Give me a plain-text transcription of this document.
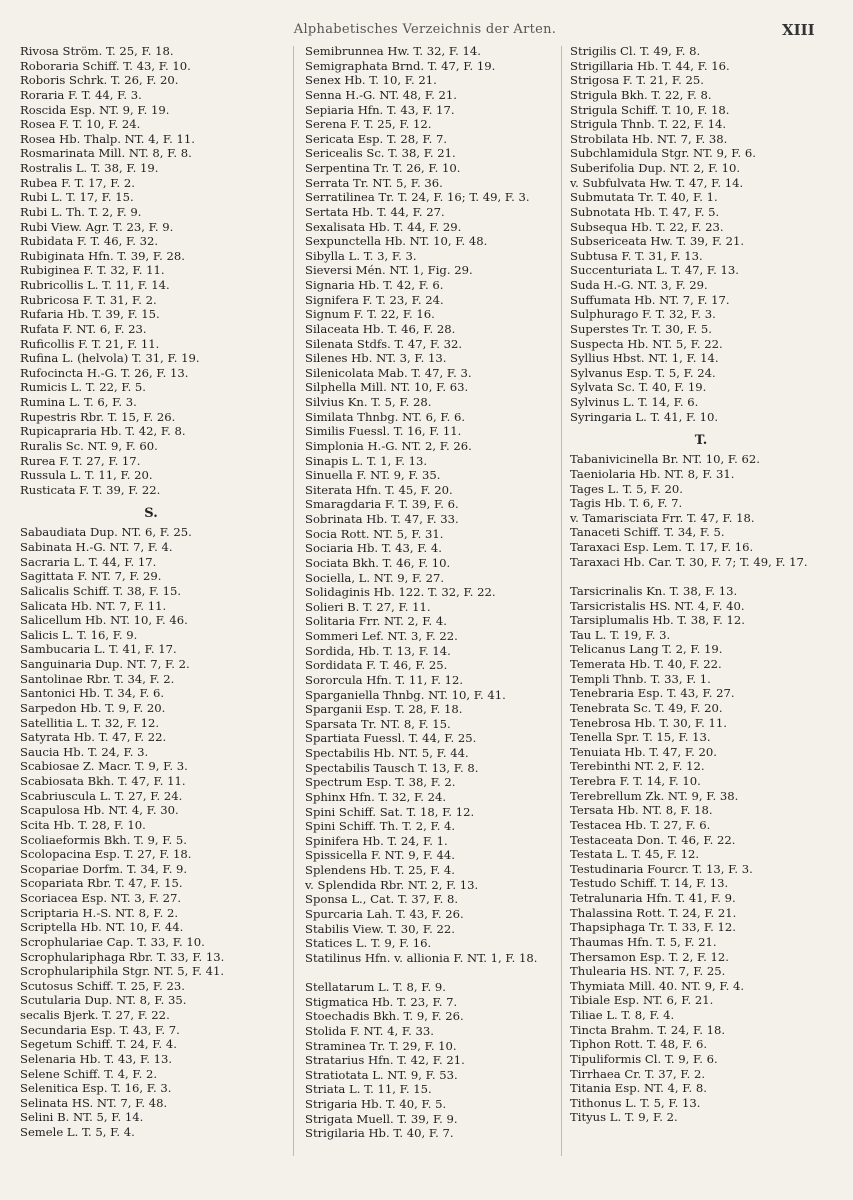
Alphabetisches Verzeichnis der Arten.	XIII
Rivosa Ström. T. 25, F. 18.
Roboraria Schiff. T. 43, F. 10.
Roboris Schrk. T. 26, F. 20.
Roraria F. T. 44, F. 3.
Roscida Esp. NT. 9, F. 19.
Rosea F. T. 10, F. 24.
Rosea Hb. Thalp. NT. 4, F. 11.
Rosmarinata Mill. NT. 8, F. 8.
Rostralis L. T. 38, F. 19.
Rubea F. T. 17, F. 2.
Rubi L. T. 17, F. 15.
Rubi L. Th. T. 2, F. 9.
Rubi View. Agr. T. 23, F. 9.
Rubidata F. T. 46, F. 32.
Rubiginata Hfn. T. 39, F. 28.
Rubiginea F. T. 32, F. 11.
Rubricollis L. T. 11, F. 14.
Rubricosa F. T. 31, F. 2.
Rufaria Hb. T. 39, F. 15.
Rufata F. NT. 6, F. 23.
Ruficollis F. T. 21, F. 11.
Rufina L. (helvola) T. 31, F. 19.
Rufocincta H.-G. T. 26, F. 13.
Rumicis L. T. 22, F. 5.
Rumina L. T. 6, F. 3.
Rupestris Rbr. T. 15, F. 26.
Rupicapraria Hb. T. 42, F. 8.
Ruralis Sc. NT. 9, F. 60.
Rurea F. T. 27, F. 17.
Russula L. T. 11, F. 20.
Rusticata F. T. 39, F. 22.
S.
Sabaudiata Dup. NT. 6, F. 25.
Sabinata H.-G. NT. 7, F. 4.
Sacraria L. T. 44, F. 17.
Sagittata F. NT. 7, F. 29.
Salicalis Schiff. T. 38, F. 15.
Salicata Hb. NT. 7, F. 11.
Salicellum Hb. NT. 10, F. 46.
Salicis L. T. 16, F. 9.
Sambucaria L. T. 41, F. 17.
Sanguinaria Dup. NT. 7, F. 2.
Santolinae Rbr. T. 34, F. 2.
Santonici Hb. T. 34, F. 6.
Sarpedon Hb. T. 9, F. 20.
Satellitia L. T. 32, F. 12.
Satyrata Hb. T. 47, F. 22.
Saucia Hb. T. 24, F. 3.
Scabiosae Z. Macr. T. 9, F. 3.
Scabiosata Bkh. T. 47, F. 11.
Scabriuscula L. T. 27, F. 24.
Scapulosa Hb. NT. 4, F. 30.
Scita Hb. T. 28, F. 10.
Scoliaeformis Bkh. T. 9, F. 5.
Scolopacina Esp. T. 27, F. 18.
Scopariae Dorfm. T. 34, F. 9.
Scopariata Rbr. T. 47, F. 15.
Scoriacea Esp. NT. 3, F. 27.
Scriptaria H.-S. NT. 8, F. 2.
Scriptella Hb. NT. 10, F. 44.
Scrophulariae Cap. T. 33, F. 10.
Scrophulariphaga Rbr. T. 33, F. 13.
Scrophulariphila Stgr. NT. 5, F. 41.
Scutosus Schiff. T. 25, F. 23.
Scutularia Dup. NT. 8, F. 35.
secalis Bjerk. T. 27, F. 22.
Secundaria Esp. T. 43, F. 7.
Segetum Schiff. T. 24, F. 4.
Selenaria Hb. T. 43, F. 13.
Selene Schiff. T. 4, F. 2.
Selenitica Esp. T. 16, F. 3.
Selinata HS. NT. 7, F. 48.
Selini B. NT. 5, F. 14.
Semele L. T. 5, F. 4.
Semibrunnea Hw. T. 32, F. 14.
Semigraphata Brnd. T. 47, F. 19.
Senex Hb. T. 10, F. 21.
Senna H.-G. NT. 48, F. 21.
Sepiaria Hfn. T. 43, F. 17.
Serena F. T. 25, F. 12.
Sericata Esp. T. 28, F. 7.
Sericealis Sc. T. 38, F. 21.
Serpentina Tr. T. 26, F. 10.
Serrata Tr. NT. 5, F. 36.
Serratilinea Tr. T. 24, F. 16; T. 49, F. 3.
Sertata Hb. T. 44, F. 27.
Sexalisata Hb. T. 44, F. 29.
Sexpunctella Hb. NT. 10, F. 48.
Sibylla L. T. 3, F. 3.
Sieversi Mén. NT. 1, Fig. 29.
Signaria Hb. T. 42, F. 6.
Signifera F. T. 23, F. 24.
Signum F. T. 22, F. 16.
Silaceata Hb. T. 46, F. 28.
Silenata Stdfs. T. 47, F. 32.
Silenes Hb. NT. 3, F. 13.
Silenicolata Mab. T. 47, F. 3.
Silphella Mill. NT. 10, F. 63.
Silvius Kn. T. 5, F. 28.
Similata Thnbg. NT. 6, F. 6.
Similis Fuessl. T. 16, F. 11.
Simplonia H.-G. NT. 2, F. 26.
Sinapis L. T. 1, F. 13.
Sinuella F. NT. 9, F. 35.
Siterata Hfn. T. 45, F. 20.
Smaragdaria F. T. 39, F. 6.
Sobrinata Hb. T. 47, F. 33.
Socia Rott. NT. 5, F. 31.
Sociaria Hb. T. 43, F. 4.
Sociata Bkh. T. 46, F. 10.
Sociella, L. NT. 9, F. 27.
Solidaginis Hb. 122. T. 32, F. 22.
Solieri B. T. 27, F. 11.
Solitaria Frr. NT. 2, F. 4.
Sommeri Lef. NT. 3, F. 22.
Sordida, Hb. T. 13, F. 14.
Sordidata F. T. 46, F. 25.
Sororcula Hfn. T. 11, F. 12.
Sparganiella Thnbg. NT. 10, F. 41.
Sparganii Esp. T. 28, F. 18.
Sparsata Tr. NT. 8, F. 15.
Spartiata Fuessl. T. 44, F. 25.
Spectabilis Hb. NT. 5, F. 44.
Spectabilis Tausch T. 13, F. 8.
Spectrum Esp. T. 38, F. 2.
Sphinx Hfn. T. 32, F. 24.
Spini Schiff. Sat. T. 18, F. 12.
Spini Schiff. Th. T. 2, F. 4.
Spinifera Hb. T. 24, F. 1.
Spissicella F. NT. 9, F. 44.
Splendens Hb. T. 25, F. 4.
v. Splendida Rbr. NT. 2, F. 13.
Sponsa L., Cat. T. 37, F. 8.
Spurcaria Lah. T. 43, F. 26.
Stabilis View. T. 30, F. 22.
Statices L. T. 9, F. 16.
Statilinus Hfn. v. allionia F. NT. 1, F. 18.
Stellatarum L. T. 8, F. 9.
Stigmatica Hb. T. 23, F. 7.
Stoechadis Bkh. T. 9, F. 26.
Stolida F. NT. 4, F. 33.
Straminea Tr. T. 29, F. 10.
Stratarius Hfn. T. 42, F. 21.
Stratiotata L. NT. 9, F. 53.
Striata L. T. 11, F. 15.
Strigaria Hb. T. 40, F. 5.
Strigata Muell. T. 39, F. 9.
Strigilaria Hb. T. 40, F. 7.
Strigilis Cl. T. 49, F. 8.
Strigillaria Hb. T. 44, F. 16.
Strigosa F. T. 21, F. 25.
Strigula Bkh. T. 22, F. 8.
Strigula Schiff. T. 10, F. 18.
Strigula Thnb. T. 22, F. 14.
Strobilata Hb. NT. 7, F. 38.
Subchlamidula Stgr. NT. 9, F. 6.
Suberifolia Dup. NT. 2, F. 10.
v. Subfulvata Hw. T. 47, F. 14.
Submutata Tr. T. 40, F. 1.
Subnotata Hb. T. 47, F. 5.
Subsequa Hb. T. 22, F. 23.
Subsericeata Hw. T. 39, F. 21.
Subtusa F. T. 31, F. 13.
Succenturiata L. T. 47, F. 13.
Suda H.-G. NT. 3, F. 29.
Suffumata Hb. NT. 7, F. 17.
Sulphurago F. T. 32, F. 3.
Superstes Tr. T. 30, F. 5.
Suspecta Hb. NT. 5, F. 22.
Syllius Hbst. NT. 1, F. 14.
Sylvanus Esp. T. 5, F. 24.
Sylvata Sc. T. 40, F. 19.
Sylvinus L. T. 14, F. 6.
Syringaria L. T. 41, F. 10.
T.
Tabanivicinella Br. NT. 10, F. 62.
Taeniolaria Hb. NT. 8, F. 31.
Tages L. T. 5, F. 20.
Tagis Hb. T. 6, F. 7.
v. Tamarisciata Frr. T. 47, F. 18.
Tanaceti Schiff. T. 34, F. 5.
Taraxaci Esp. Lem. T. 17, F. 16.
Taraxaci Hb. Car. T. 30, F. 7; T. 49, F. 17.
Tarsicrinalis Kn. T. 38, F. 13.
Tarsicristalis HS. NT. 4, F. 40.
Tarsiplumalis Hb. T. 38, F. 12.
Tau L. T. 19, F. 3.
Telicanus Lang T. 2, F. 19.
Temerata Hb. T. 40, F. 22.
Templi Thnb. T. 33, F. 1.
Tenebraria Esp. T. 43, F. 27.
Tenebrata Sc. T. 49, F. 20.
Tenebrosa Hb. T. 30, F. 11.
Tenella Spr. T. 15, F. 13.
Tenuiata Hb. T. 47, F. 20.
Terebinthi NT. 2, F. 12.
Terebra F. T. 14, F. 10.
Terebrellum Zk. NT. 9, F. 38.
Tersata Hb. NT. 8, F. 18.
Testacea Hb. T. 27, F. 6.
Testaceata Don. T. 46, F. 22.
Testata L. T. 45, F. 12.
Testudinaria Fourcr. T. 13, F. 3.
Testudo Schiff. T. 14, F. 13.
Tetralunaria Hfn. T. 41, F. 9.
Thalassina Rott. T. 24, F. 21.
Thapsiphaga Tr. T. 33, F. 12.
Thaumas Hfn. T. 5, F. 21.
Thersamon Esp. T. 2, F. 12.
Thulearia HS. NT. 7, F. 25.
Thymiata Mill. 40. NT. 9, F. 4.
Tibiale Esp. NT. 6, F. 21.
Tiliae L. T. 8, F. 4.
Tincta Brahm. T. 24, F. 18.
Tiphon Rott. T. 48, F. 6.
Tipuliformis Cl. T. 9, F. 6.
Tirrhaea Cr. T. 37, F. 2.
Titania Esp. NT. 4, F. 8.
Tithonus L. T. 5, F. 13.
Tityus L. T. 9, F. 2.
